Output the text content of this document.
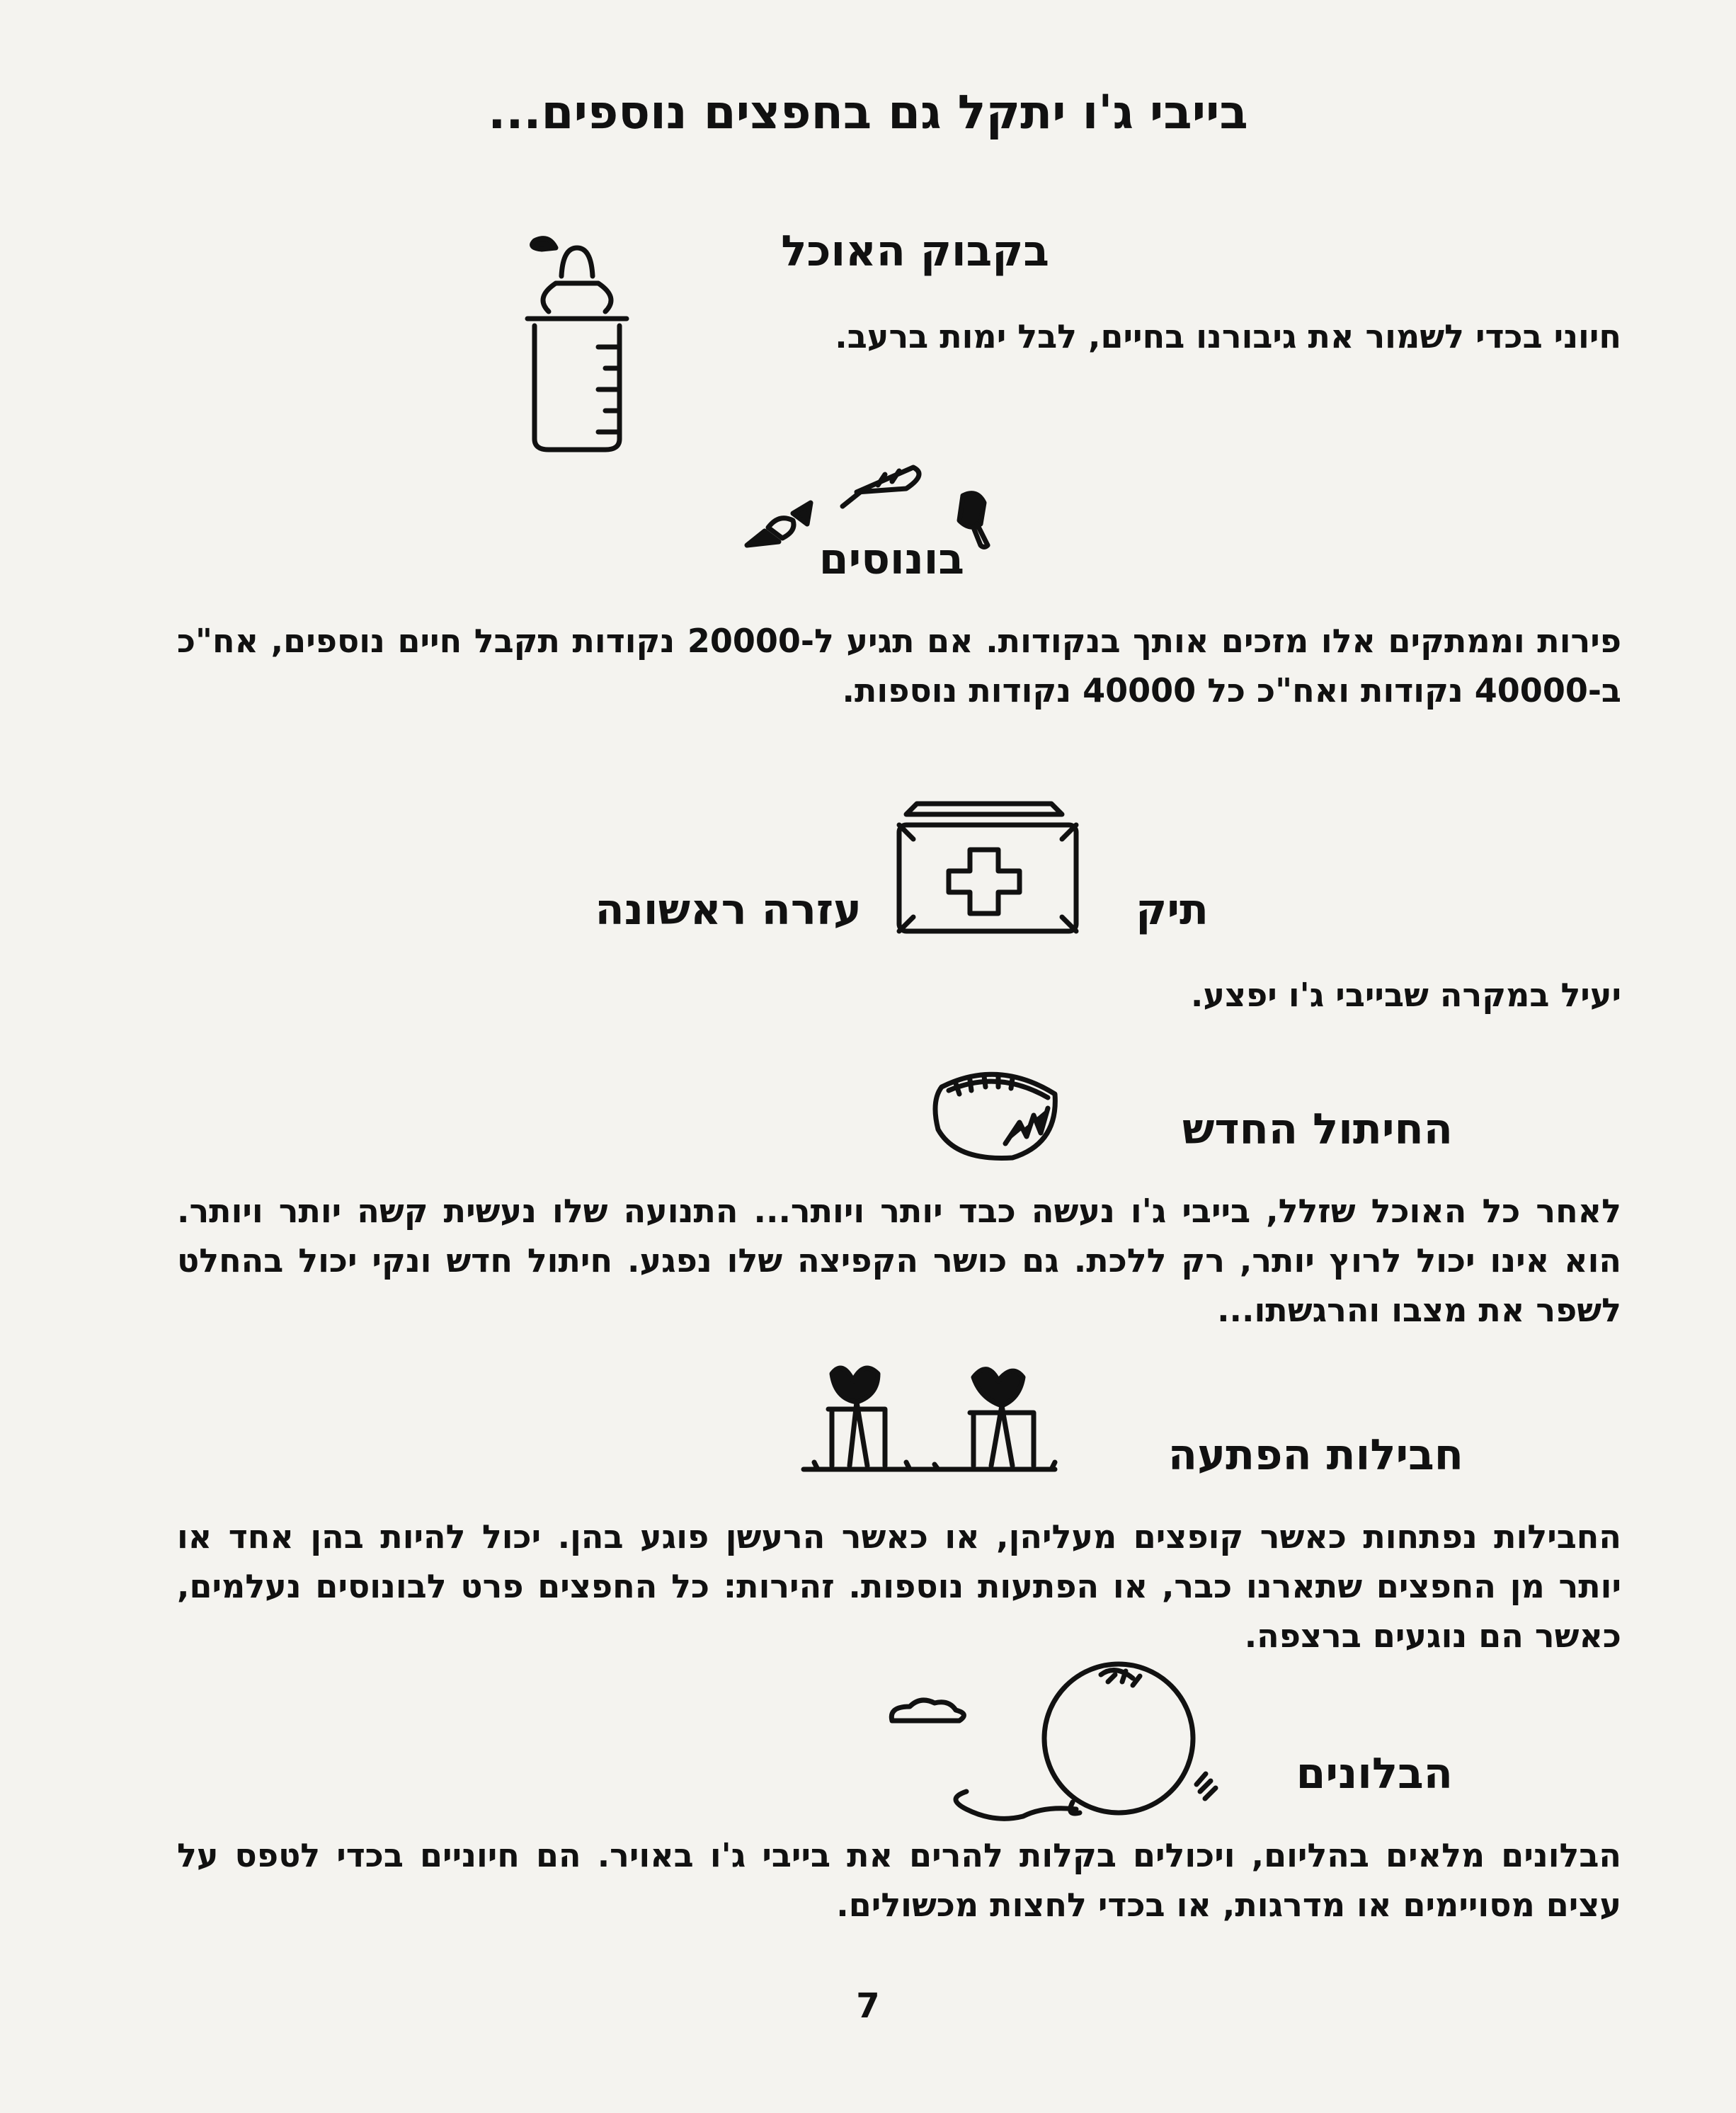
בייבי ג'ו יתקל גם בחפצים נוספים...
בקבוק האוכל
חיוני בכדי לשמור את גיבורנו בחיים, לבל ימות ברעב.
בונוסים
פירות וממתקים אלו מזכים אותך בנקודות. אם תגיע ל-20000 נקודות תקבל חיים נוספים, אח"כ ב-40000 נקודות ואח"כ כל 40000 נקודות נוספות.
תיק
עזרה ראשונה
יעיל במקרה שבייבי ג'ו יפצע.
החיתול החדש
לאחר כל האוכל שזלל, בייבי ג'ו נעשה כבד יותר ויותר... התנועה שלו נעשית קשה יותר ויותר. הוא אינו יכול לרוץ יותר, רק ללכת. גם כושר הקפיצה שלו נפגע. חיתול חדש ונקי יכול בהחלט לשפר את מצבו והרגשתו...
חבילות הפתעה
החבילות נפתחות כאשר קופצים מעליהן, או כאשר הרעשן פוגע בהן. יכול להיות בהן אחד או יותר מן החפצים שתארנו כבר, או הפתעות נוספות. זהירות: כל החפצים פרט לבונוסים נעלמים, כאשר הם נוגעים ברצפה.
הבלונים
הבלונים מלאים בהליום, ויכולים בקלות להרים את בייבי ג'ו באויר. הם חיוניים בכדי לטפס על עצים מסויימים או מדרגות, או בכדי לחצות מכשולים.
7
